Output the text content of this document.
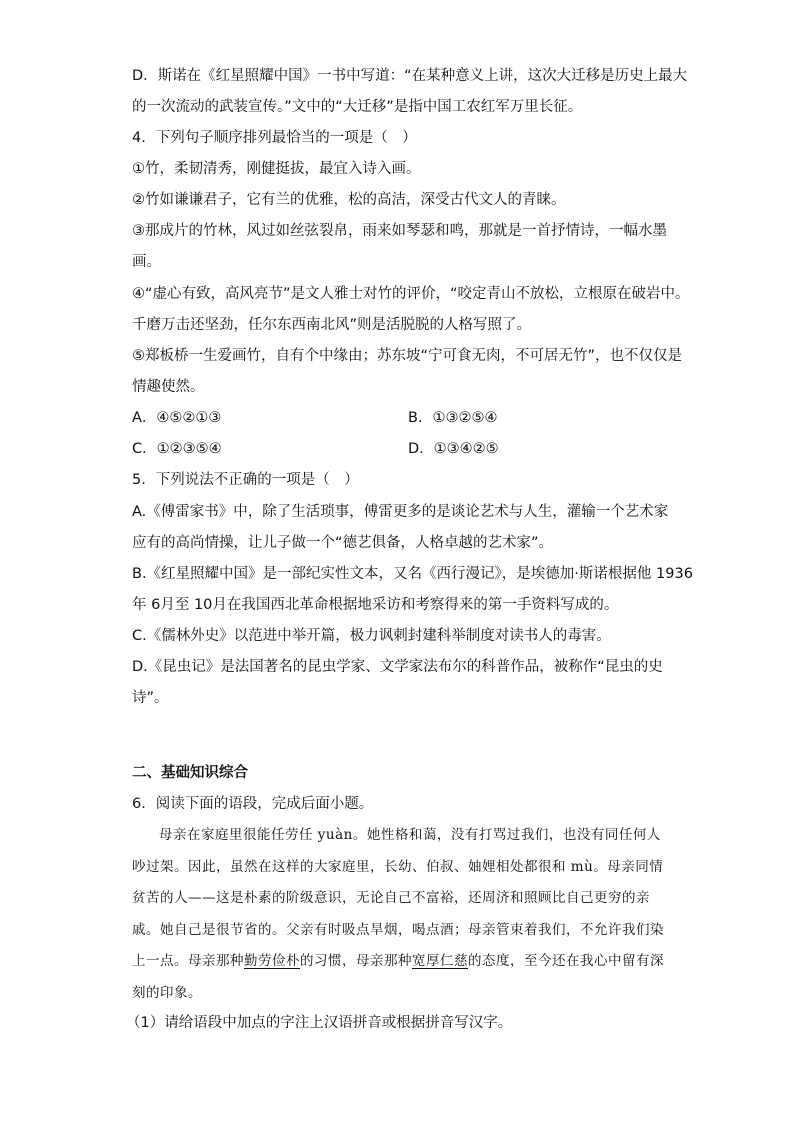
D．斯诺在《红星照耀中国》一书中写道：“在某种意义上讲，这次大迁移是历史上最大
的一次流动的武装宣传。”文中的“大迁移”是指中国工农红军万里长征。
4．下列句子顺序排列最恰当的一项是（　）
①竹，柔韧清秀，刚健挺拔，最宜入诗入画。
②竹如谦谦君子，它有兰的优雅，松的高洁，深受古代文人的青睐。
③那成片的竹林，风过如丝弦裂帛，雨来如琴瑟和鸣，那就是一首抒情诗，一幅水墨
画。
④“虚心有致，高风亮节”是文人雅士对竹的评价，“咬定青山不放松，立根原在破岩中。
千磨万击还坚劲，任尔东西南北风”则是活脱脱的人格写照了。
⑤郑板桥一生爱画竹，自有个中缘由；苏东坡“宁可食无肉，不可居无竹”，也不仅仅是
情趣使然。
A．④⑤②①③	B．①③②⑤④
C．①②③⑤④	D．①③④②⑤
5．下列说法不正确的一项是（　）
A.《傅雷家书》中，除了生活琐事，傅雷更多的是谈论艺术与人生，灌输一个艺术家
应有的高尚情操，让儿子做一个“德艺俱备，人格卓越的艺术家”。
B.《红星照耀中国》是一部纪实性文本，又名《西行漫记》，是埃德加·斯诺根据他 1936
年 6月至 10月在我国西北革命根据地采访和考察得来的第一手资料写成的。
C.《儒林外史》以范进中举开篇，极力讽刺封建科举制度对读书人的毒害。
D.《昆虫记》是法国著名的昆虫学家、文学家法布尔的科普作品，被称作“昆虫的史
诗”。
二、基础知识综合
6．阅读下面的语段，完成后面小题。

母亲在家庭里很能任劳任 yuàn。她性格和蔼，没有打骂过我们，也没有同任何人吵过架。因此，虽然在这样的大家庭里，长幼、伯叔、妯娌相处都很和 mù。母亲同情贫苦的人——这是朴素的阶级意识，无论自己不富裕，还周济和照顾比自己更穷的亲戚。她自己是很节省的。父亲有时吸点旱烟，喝点酒；母亲管束着我们，不允许我们染上一点。母亲那种勤劳俭朴的习惯，母亲那种宽厚仁慈的态度，至今还在我心中留有深刻的印象。

（1）请给语段中加点的字注上汉语拼音或根据拼音写汉字。
